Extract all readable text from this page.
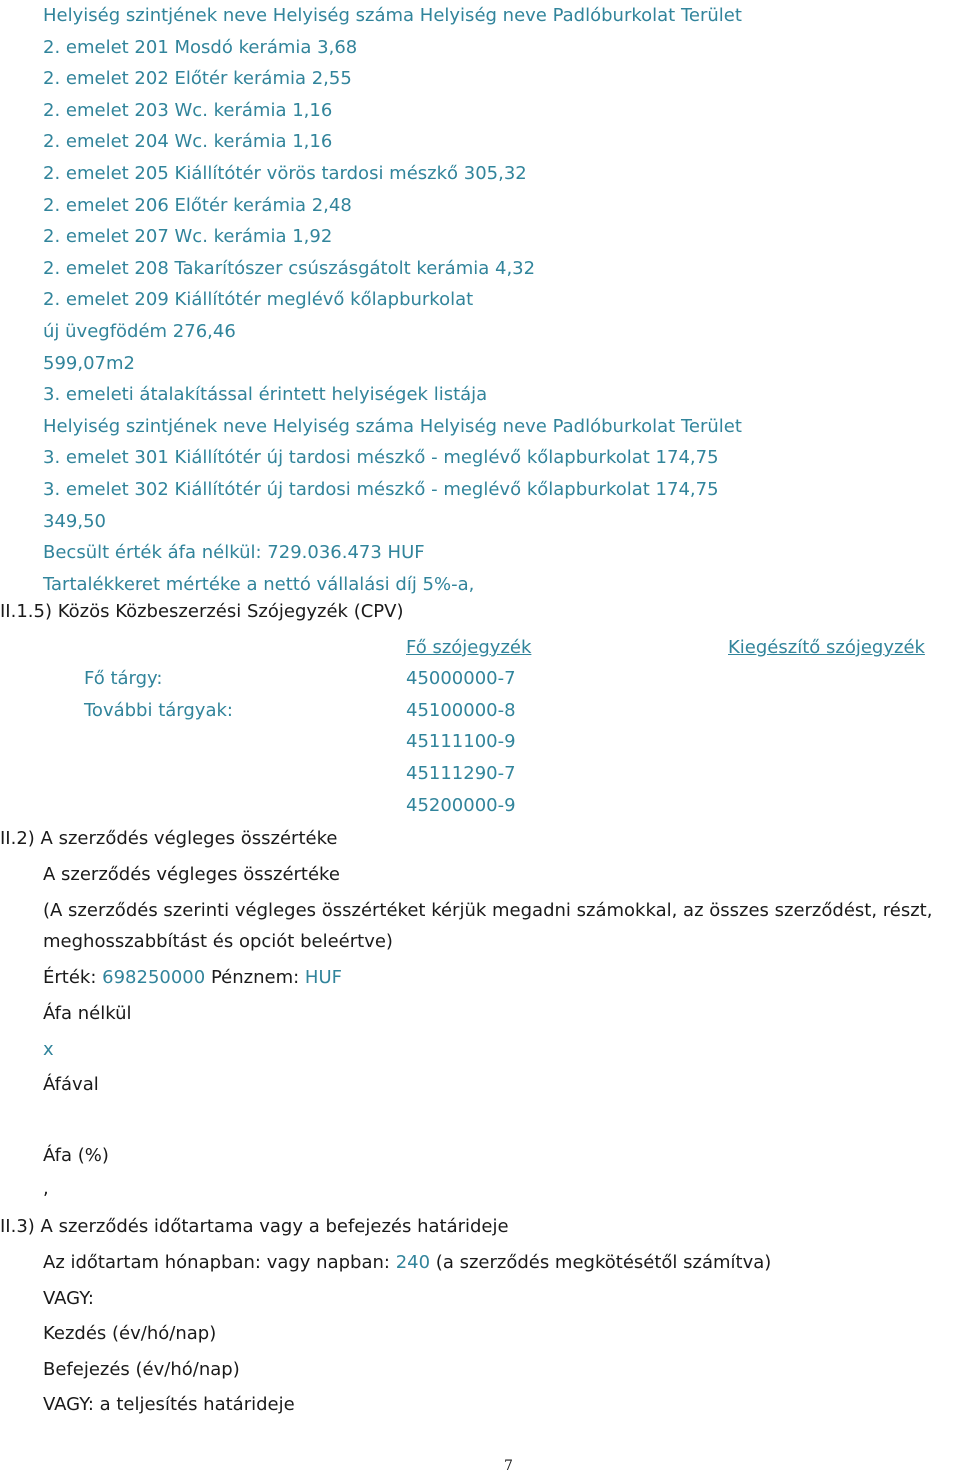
Helyiség szintjének neve Helyiség száma Helyiség neve Padlóburkolat Terület
2. emelet 201 Mosdó kerámia 3,68
2. emelet 202 Előtér kerámia 2,55
2. emelet 203 Wc. kerámia 1,16
2. emelet 204 Wc. kerámia 1,16
2. emelet 205 Kiállítótér vörös tardosi mészkő 305,32
2. emelet 206 Előtér kerámia 2,48
2. emelet 207 Wc. kerámia 1,92
2. emelet 208 Takarítószer csúszásgátolt kerámia 4,32
2. emelet 209 Kiállítótér meglévő kőlapburkolat
új üvegfödém 276,46
599,07m2
3. emeleti átalakítással érintett helyiségek listája
Helyiség szintjének neve Helyiség száma Helyiség neve Padlóburkolat Terület
3. emelet 301 Kiállítótér új tardosi mészkő - meglévő kőlapburkolat 174,75
3. emelet 302 Kiállítótér új tardosi mészkő - meglévő kőlapburkolat 174,75
349,50
Becsült érték áfa nélkül: 729.036.473 HUF
Tartalékkeret mértéke a nettó vállalási díj 5%-a,
II.1.5) Közös Közbeszerzési Szójegyzék (CPV)
Fő szójegyzék	Kiegészítő szójegyzék
Fő tárgy:	45000000-7
További tárgyak:	45100000-8
45111100-9
45111290-7
45200000-9
II.2) A szerződés végleges összértéke
A szerződés végleges összértéke
(A szerződés szerinti végleges összértéket kérjük megadni számokkal, az összes szerződést, részt,
meghosszabbítást és opciót beleértve)
Érték: 698250000 Pénznem: HUF
Áfa nélkül
x
Áfával
Áfa (%)
,
II.3) A szerződés időtartama vagy a befejezés határideje
Az időtartam hónapban: vagy napban: 240 (a szerződés megkötésétől számítva)
VAGY:
Kezdés (év/hó/nap)
Befejezés (év/hó/nap)
VAGY: a teljesítés határideje
7
